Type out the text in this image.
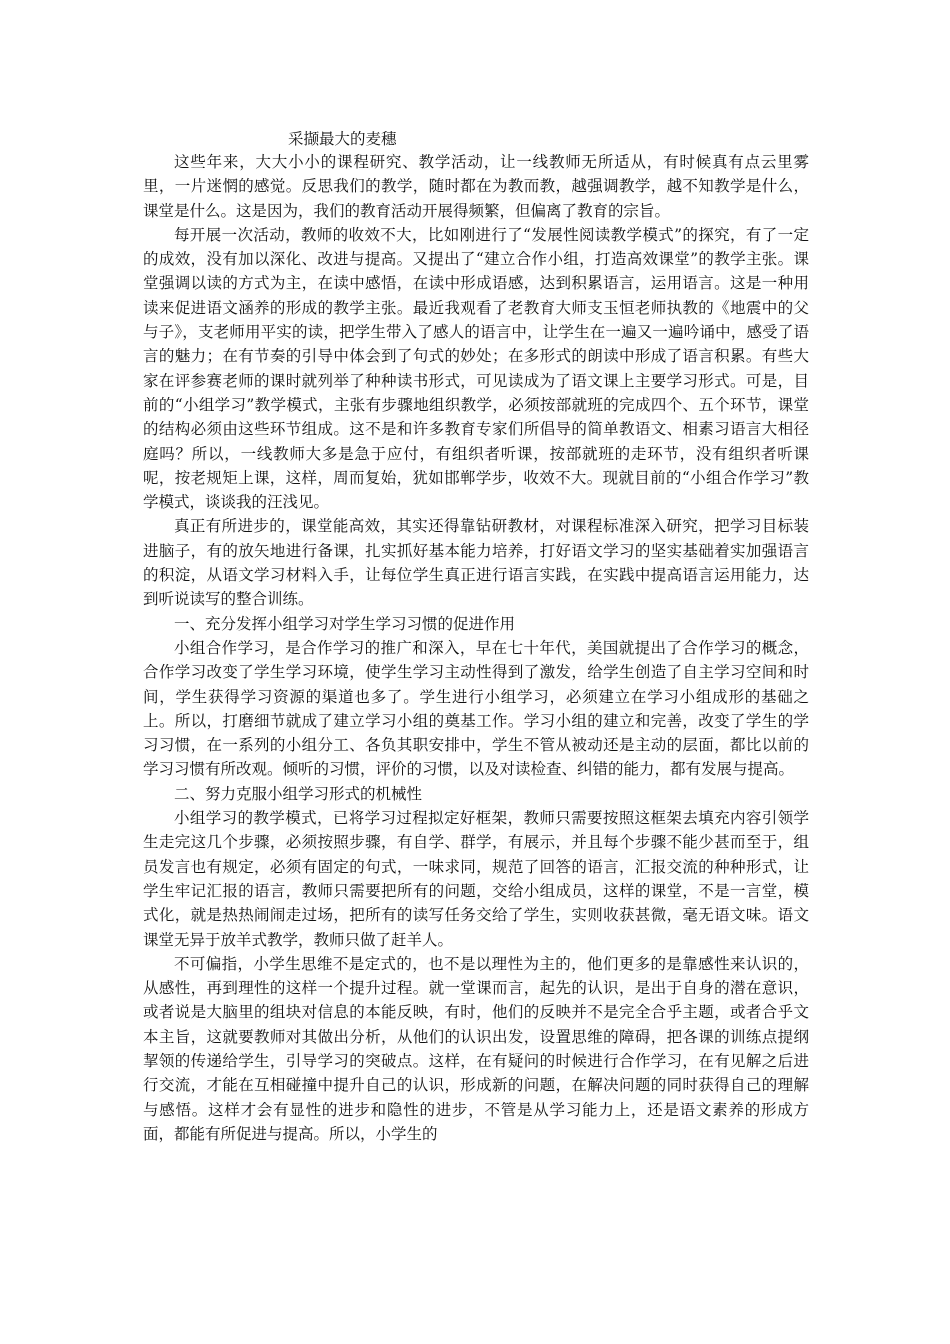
采撷最大的麦穗

这些年来，大大小小的课程研究、教学活动，让一线教师无所适从，有时候真有点云里雾里，一片迷惘的感觉。反思我们的教学，随时都在为教而教，越强调教学，越不知教学是什么，课堂是什么。这是因为，我们的教育活动开展得频繁，但偏离了教育的宗旨。

每开展一次活动，教师的收效不大，比如刚进行了“发展性阅读教学模式”的探究，有了一定的成效，没有加以深化、改进与提高。又提出了“建立合作小组，打造高效课堂”的教学主张。课堂强调以读的方式为主，在读中感悟，在读中形成语感，达到积累语言，运用语言。这是一种用读来促进语文涵养的形成的教学主张。最近我观看了老教育大师支玉恒老师执教的《地震中的父与子》，支老师用平实的读，把学生带入了感人的语言中，让学生在一遍又一遍吟诵中，感受了语言的魅力；在有节奏的引导中体会到了句式的妙处；在多形式的朗读中形成了语言积累。有些大家在评参赛老师的课时就列举了种种读书形式，可见读成为了语文课上主要学习形式。可是，目前的“小组学习”教学模式，主张有步骤地组织教学，必须按部就班的完成四个、五个环节，课堂的结构必须由这些环节组成。这不是和许多教育专家们所倡导的简单教语文、相素习语言大相径庭吗？所以，一线教师大多是急于应付，有组织者听课，按部就班的走环节，没有组织者听课呢，按老规矩上课，这样，周而复始，犹如邯郸学步，收效不大。现就目前的“小组合作学习”教学模式，谈谈我的汪浅见。

真正有所进步的，课堂能高效，其实还得靠钻研教材，对课程标准深入研究，把学习目标装进脑子，有的放矢地进行备课，扎实抓好基本能力培养，打好语文学习的坚实基础着实加强语言的积淀，从语文学习材料入手，让每位学生真正进行语言实践，在实践中提高语言运用能力，达到听说读写的整合训练。

一、充分发挥小组学习对学生学习习惯的促进作用

小组合作学习，是合作学习的推广和深入，早在七十年代，美国就提出了合作学习的概念，合作学习改变了学生学习环境，使学生学习主动性得到了激发，给学生创造了自主学习空间和时间，学生获得学习资源的渠道也多了。学生进行小组学习，必须建立在学习小组成形的基础之上。所以，打磨细节就成了建立学习小组的奠基工作。学习小组的建立和完善，改变了学生的学习习惯，在一系列的小组分工、各负其职安排中，学生不管从被动还是主动的层面，都比以前的学习习惯有所改观。倾听的习惯，评价的习惯，以及对读检查、纠错的能力，都有发展与提高。

二、努力克服小组学习形式的机械性

小组学习的教学模式，已将学习过程拟定好框架，教师只需要按照这框架去填充内容引领学生走完这几个步骤，必须按照步骤，有自学、群学，有展示，并且每个步骤不能少甚而至于，组员发言也有规定，必须有固定的句式，一味求同，规范了回答的语言，汇报交流的种种形式，让学生牢记汇报的语言，教师只需要把所有的问题，交给小组成员，这样的课堂，不是一言堂，模式化，就是热热闹闹走过场，把所有的读写任务交给了学生，实则收获甚微，毫无语文味。语文课堂无异于放羊式教学，教师只做了赶羊人。

不可偏指，小学生思维不是定式的，也不是以理性为主的，他们更多的是靠感性来认识的，从感性，再到理性的这样一个提升过程。就一堂课而言，起先的认识，是出于自身的潜在意识，或者说是大脑里的组块对信息的本能反映，有时，他们的反映并不是完全合乎主题，或者合乎文本主旨，这就要教师对其做出分析，从他们的认识出发，设置思维的障碍，把各课的训练点提纲挈领的传递给学生，引导学习的突破点。这样，在有疑问的时候进行合作学习，在有见解之后进行交流，才能在互相碰撞中提升自己的认识，形成新的问题，在解决问题的同时获得自己的理解与感悟。这样才会有显性的进步和隐性的进步，不管是从学习能力上，还是语文素养的形成方面，都能有所促进与提高。所以，小学生的
